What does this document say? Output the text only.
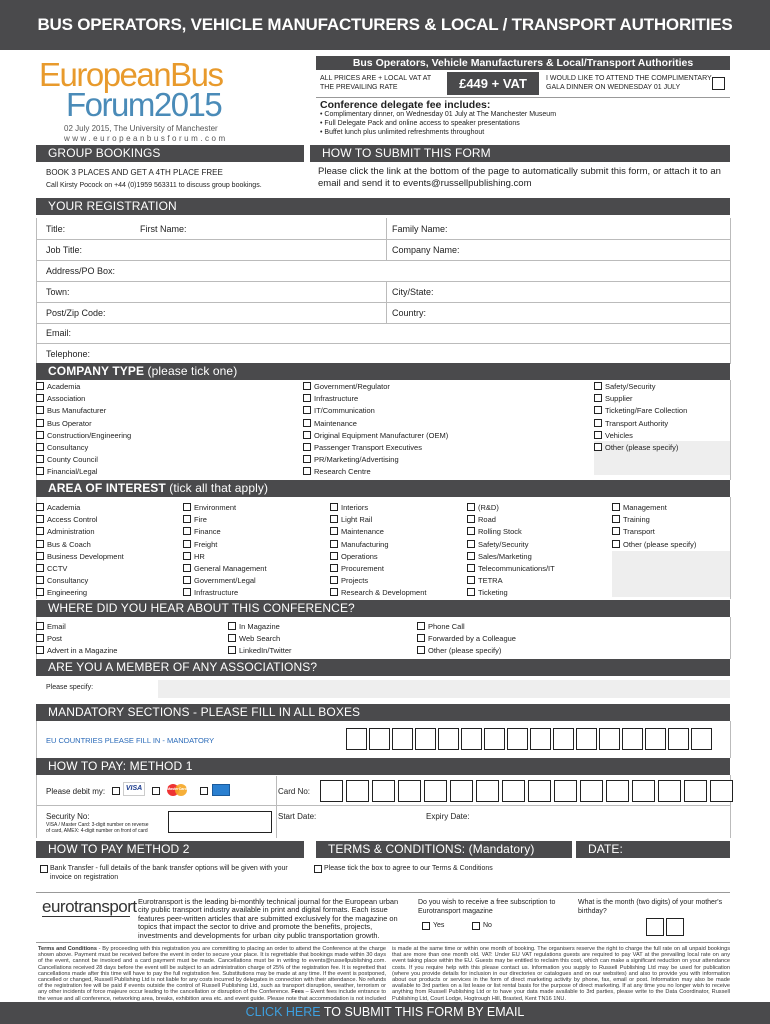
BUS OPERATORS, VEHICLE MANUFACTURERS & LOCAL / TRANSPORT AUTHORITIES
EuropeanBus
Forum2015
02 July 2015, The University of Manchester
www.europeanbusforum.com
Bus Operators, Vehicle Manufacturers & Local/Transport Authorities
ALL PRICES ARE + LOCAL VAT AT THE PREVAILING RATE	£449 + VAT	I WOULD LIKE TO ATTEND THE COMPLIMENTARY GALA DINNER ON WEDNESDAY 01 JULY
Conference delegate fee includes:
• Complimentary dinner, on Wednesday 01 July at The Manchester Museum
• Full Delegate Pack and online access to speaker presentations
• Buffet lunch plus unlimited refreshments throughout
GROUP BOOKINGS
BOOK 3 PLACES AND GET A 4TH PLACE FREE
Call Kirsty Pocock on +44 (0)1959 563311 to discuss group bookings.
HOW TO SUBMIT THIS FORM
Please click the link at the bottom of the page to automatically submit this form, or attach it to an email and send it to events@russellpublishing.com
YOUR REGISTRATION
Title:	First Name:	Family Name:
Job Title:	Company Name:
Address/PO Box:
Town:	City/State:
Post/Zip Code:	Country:
Email:
Telephone:
COMPANY TYPE (please tick one)
AREA OF INTEREST (tick all that apply)
WHERE DID YOU HEAR ABOUT THIS CONFERENCE?
ARE YOU A MEMBER OF ANY ASSOCIATIONS?
Please specify:
MANDATORY SECTIONS - PLEASE FILL IN ALL BOXES
EU COUNTRIES PLEASE FILL IN - MANDATORY
HOW TO PAY: METHOD 1
Please debit my:	VISA	MasterCard	Card No:
Security No:
VISA / Master Card: 3-digit number on reverse
of card, AMEX: 4-digit number on front of card
Start Date:	Expiry Date:
HOW TO PAY METHOD 2
Bank Transfer - full details of the bank transfer options will be given with your invoice on registration
TERMS & CONDITIONS: (Mandatory)
Please tick the box to agree to our Terms & Conditions
DATE:
eurotransport Eurotransport is the leading bi-monthly technical journal for the European urban city public transport industry available in print and digital formats. Each issue features peer-written articles that are submitted exclusively for the magazine on topics that impact the sector to drive and promote the benefits, projects, investments and developments for urban city public transportation growth.
Do you wish to receive a free subscription to Eurotransport magazine
Yes	No
What is the month (two digits) of your mother's birthday?
Terms and Conditions - By proceeding with this registration you are committing to placing an order to attend the Conference at the charge shown above. Payment must be received before the event in order to secure your place. It is regrettable that bookings made within 30 days of the event, cannot be invoiced and a card payment must be made. Cancellations must be in writing to events@russellpublishing.com. Cancellations received 28 days before the event will be subject to an administration charge of 25% of the registration fee. It is regretted that cancellations made after this time will have to pay the full registration fee. Substitutions may be made at any time. If the event is postponed, cancelled or changed, Russell Publishing Ltd is not liable for any costs incurred by delegates in connection with their attendance. No refunds of the registration fee will be paid if events outside the control of Russell Publishing Ltd, such as transport disruption, weather, terrorism or any other incidents of force majeure occur leading to the cancellation or disruption of the Conference. Fees – Event fees include entrance to the venue and all conference, networking area, breaks, exhibition area etc. and event guide. Please note that accommodation is not included
is made at the same time or within one month of booking. The organisers reserve the right to charge the full rate on all unpaid bookings that are more than one month old. VAT: Under EU VAT regulations guests are required to pay VAT at the prevailing local rate on any event taking place within the EU. Guests may be entitled to reclaim this cost, which can make a significant reduction on your attendance costs. If you require help with this please contact us. Information you supply to Russell Publishing Ltd may be used for publication (where you provide details for inclusion in our directories or catalogues and on our websites) and also to provide you with information about our products or services in the form of direct marketing activity by phone, fax, email or post. Information may also be made available to 3rd parties on a list lease or list rental basis for the purpose of direct marketing. If at any time you no longer wish to receive anything from Russell Publishing Ltd or to have your data made available to 3rd parties, please write to the Data Coordinator, Russell Publishing Ltd, Court Lodge, Hogtrough Hill, Brasted, Kent TN16 1NU.
CLICK HERE TO SUBMIT THIS FORM BY EMAIL
Academia
Association
Bus Manufacturer
Bus Operator
Construction/Engineering
Consultancy
County Council
Financial/Legal
Government/Regulator
Infrastructure
IT/Communication
Maintenance
Original Equipment Manufacturer (OEM)
Passenger Transport Executives
PR/Marketing/Advertising
Research Centre
Safety/Security
Supplier
Ticketing/Fare Collection
Transport Authority
Vehicles
Other (please specify)
Academia
Access Control
Administration
Bus & Coach
Business Development
CCTV
Consultancy
Engineering
Environment
Fire
Finance
Freight
HR
General Management
Government/Legal
Infrastructure
Interiors
Light Rail
Maintenance
Manufacturing
Operations
Procurement
Projects
Research & Development
(R&D)
Road
Rolling Stock
Safety/Security
Sales/Marketing
Telecommunications/IT
TETRA
Ticketing
Management
Training
Transport
Other (please specify)
Email
Post
Advert in a Magazine
In Magazine
Web Search
LinkedIn/Twitter
Phone Call
Forwarded by a Colleague
Other (please specify)
